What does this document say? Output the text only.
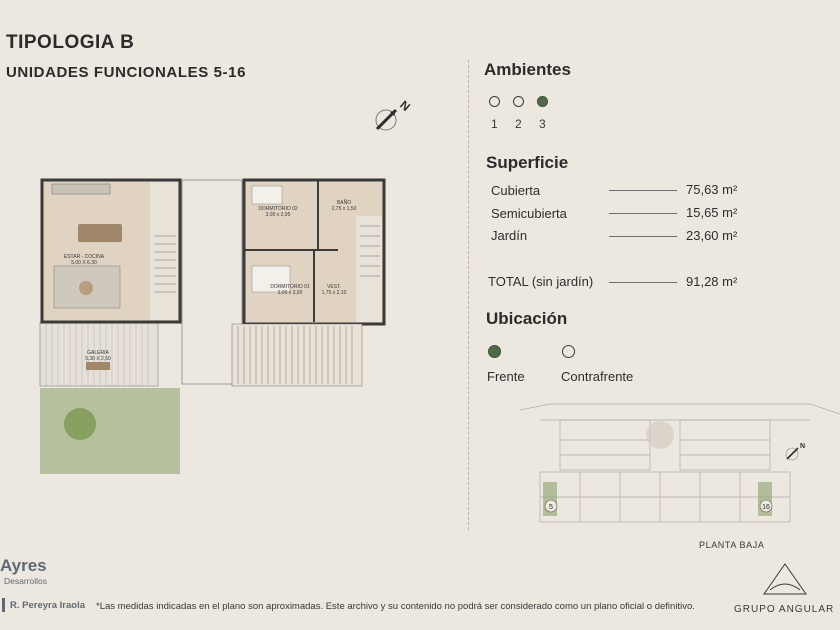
TIPOLOGIA B
UNIDADES FUNCIONALES 5-16
N
ESTAR - COCINA
5,00 X 6,30
GALERIA
5,30 X 2,50
DORMITORIO 02
3,00 x 2,95
BAÑO
2,75 x 1,50
DORMITORIO 01
3,00 x 3,00
VEST.
1,75 x 2,10
Ambientes
1 2 3
Superficie
Cubierta	75,63 m²
Semicubierta	15,65 m²
Jardín	23,60 m²
TOTAL (sin jardín)	91,28 m²
Ubicación
Frente	Contrafrente
5	16
N
PLANTA BAJA
Ayres
Desarrollos
R. Pereyra Iraola	GRUPO ANGULAR
*Las medidas indicadas en el plano son aproximadas. Este archivo y su contenido no podrá ser considerado como un plano oficial o definitivo.
